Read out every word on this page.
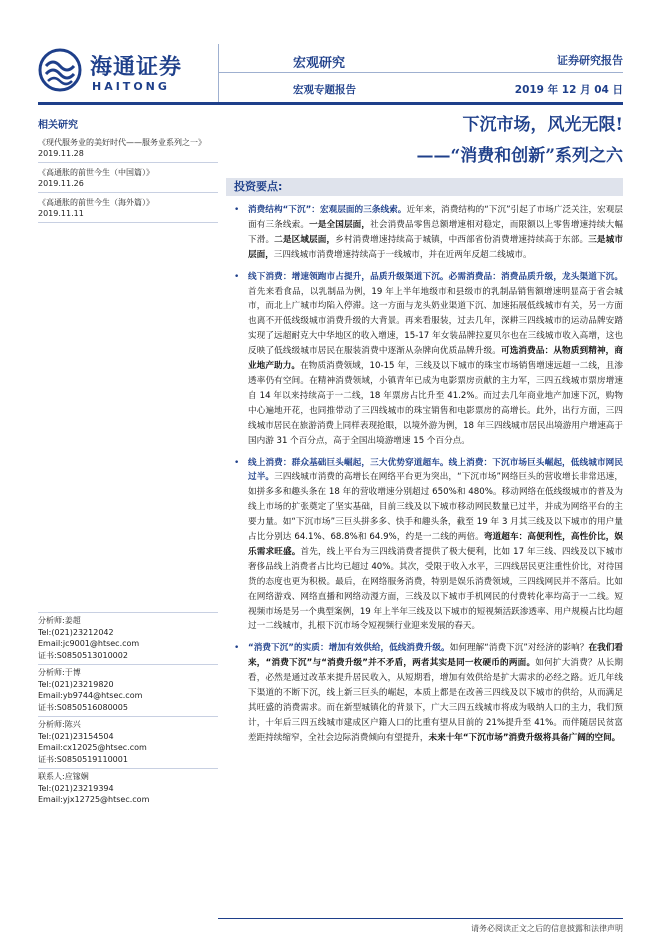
海通证券
HAITONG
宏观研究	证券研究报告
宏观专题报告	2019 年 12 月 04 日
相关研究
《现代服务业的美好时代——服务业系列之一》 2019.11.28
《高通胀的前世今生（中国篇）》
2019.11.26
《高通胀的前世今生（海外篇）》
2019.11.11
分析师:姜超
Tel:(021)23212042
Email:jc9001@htsec.com
证书:S0850513010002
分析师:于博
Tel:(021)23219820
Email:yb9744@htsec.com
证书:S0850516080005
分析师:陈兴
Tel:(021)23154504
Email:cx12025@htsec.com
证书:S0850519110001
联系人:应镓娴
Tel:(021)23219394
Email:yjx12725@htsec.com
下沉市场，风光无限!
——“消费和创新”系列之六
投资要点:
• 消费结构“下沉”：宏观层面的三条线索。近年来，消费结构的“下沉”引起了市场广泛关注，宏观层面有三条线索。一是全国层面，社会消费品零售总额增速相对稳定，而限额以上零售增速持续大幅下滑。二是区域层面，乡村消费增速持续高于城镇，中西部省份消费增速持续高于东部。三是城市层面，三四线城市消费增速持续高于一线城市，并在近两年反超二线城市。
• 线下消费：增速领跑市占提升，品质升级渠道下沉。必需消费品：消费品质升级，龙头渠道下沉。首先来看食品，以乳制品为例，19 年上半年地级市和县级市的乳制品销售额增速明显高于省会城市，而北上广城市均陷入停滞。这一方面与龙头奶业渠道下沉、加速拓展低线城市有关，另一方面也离不开低线级城市消费升级的大背景。再来看服装，过去几年，深耕三四线城市的运动品牌安踏实现了远超耐克大中华地区的收入增速，15-17 年女装品牌拉夏贝尔也在三线城市收入高增，这也反映了低线级城市居民在服装消费中逐渐从杂牌向优质品牌升级。可选消费品：从物质到精神，商业地产助力。在物质消费领域，10-15 年，三线及以下城市的珠宝市场销售增速远超一二线，且渗透率仍有空间。在精神消费领域，小镇青年已成为电影票房贡献的主力军，三四五线城市票房增速自 14 年以来持续高于一二线，18 年票房占比升至 41.2%。而过去几年商业地产加速下沉，购物中心遍地开花，也同推带动了三四线城市的珠宝销售和电影票房的高增长。此外，出行方面，三四线城市居民在旅游消费上同样表现抢眼，以境外游为例，18 年三四线城市居民出境游用户增速高于国内游 31 个百分点，高于全国出境游增速 15 个百分点。
• 线上消费：群众基础巨头崛起，三大优势穿道超车。线上消费：下沉市场巨头崛起，低线城市网民过半。三四线城市消费的高增长在网络平台更为突出，“下沉市场”网络巨头的营收增长非常迅速，如拼多多和趣头条在 18 年的营收增速分别超过 650%和 480%。移动网络在低线级城市的普及为线上市场的扩张奠定了坚实基础，目前三线及以下城市移动网民数量已过半，并成为网络平台的主要力量。如“下沉市场”三巨头拼多多、快手和趣头条，截至 19 年 3 月其三线及以下城市的用户量占比分别达 64.1%、68.8%和 64.9%，约是一二线的两倍。弯道超车：高便利性，高性价比，娱乐需求旺盛。首先，线上平台为三四线消费者提供了极大便利，比如 17 年三线、四线及以下城市奢侈品线上消费者占比均已超过 40%。其次，受限于收入水平，三四线居民更注重性价比，对待国货的态度也更为积极。最后，在网络服务消费，特别是娱乐消费领域，三四线网民并不落后。比如在网络游戏、网络直播和网络动漫方面，三线及以下城市手机网民的付费转化率均高于一二线。短视频市场是另一个典型案例，19 年上半年三线及以下城市的短视频活跃渗透率、用户规模占比均超过一二线城市，扎根下沉市场令短视频行业迎来发展的春天。
• “消费下沉”的实质：增加有效供给，低线消费升级。如何理解“消费下沉”对经济的影响？在我们看来，“消费下沉”与“消费升级”并不矛盾，两者其实是同一枚硬币的两面。如何扩大消费？从长期看，必然是通过改革来提升居民收入，从短期看，增加有效供给是扩大需求的必经之路。近几年线下渠道的不断下沉，线上新三巨头的崛起，本质上都是在改善三四线及以下城市的供给，从而满足其旺盛的消费需求。而在新型城镇化的背景下，广大三四五线城市将成为吸纳人口的主力，我们预计，十年后三四五线城市建成区户籍人口的比重有望从目前的 21%提升至 41%。而伴随居民贫富差距持续缩窄，全社会边际消费倾向有望提升，未来十年“下沉市场”消费升级将具备广阔的空间。
请务必阅读正文之后的信息披露和法律声明
